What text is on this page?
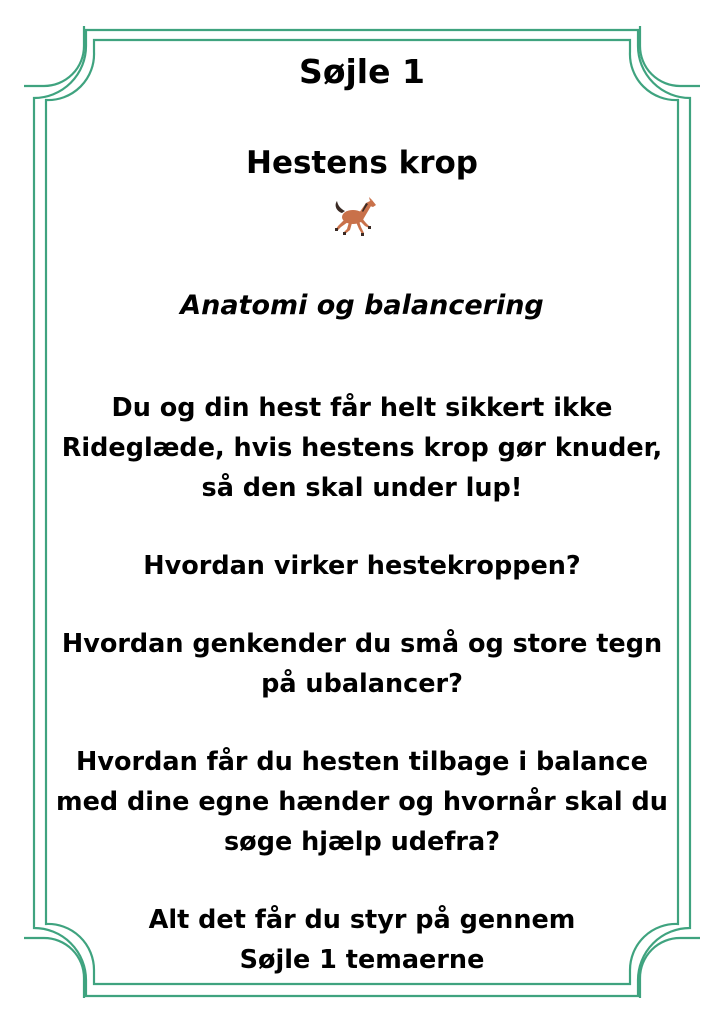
Søjle 1
Hestens krop
Anatomi og balancering
Du og din hest får helt sikkert ikke
Rideglæde, hvis hestens krop gør knuder,
så den skal under lup!
Hvordan virker hestekroppen?
Hvordan genkender du små og store tegn
på ubalancer?
Hvordan får du hesten tilbage i balance
med dine egne hænder og hvornår skal du
søge hjælp udefra?
Alt det får du styr på gennem
Søjle 1 temaerne
